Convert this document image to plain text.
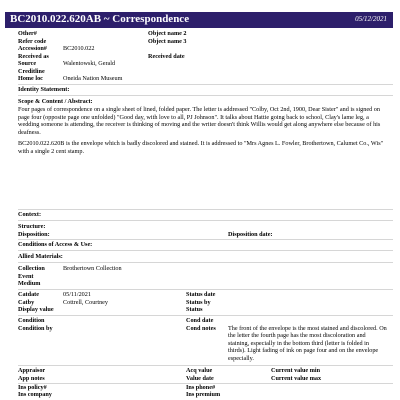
BC2010.022.620AB ~ Correspondence	05/12/2021
Other#	Object name 2
Refer code	Object name 3
Accession#	BC2010.022
Received as	Received date
Source	Walentowski, Gerald
Creditline
Home loc	Oneida Nation Museum
Identity Statement:
Scope & Content / Abstract:
Four pages of correspondence on a single sheet of lined, folded paper. The letter is addressed "Colby, Oct 2nd, 1900, Dear Sister" and is signed on page four (opposite page one unfolded) "Good day, with love to all, PJ Johnson". It talks about Hattie going back to school, Clay's lame leg, a wedding someone is attending, the receiver is thinking of moving and the writer doesn't think Willis would get along anywhere else because of his deafness.
BC2010.022.620B is the envelope which is badly discolored and stained. It is addressed to "Mrs Agnes L. Fowler, Brothertown, Calumet Co., Wis" with a single 2 cent stamp.
Context:
Structure:
Disposition:	Disposition date:
Conditions of Access & Use:
Allied Materials:
Collection	Brothertown Collection
Event
Medium
Catdate	05/11/2021	Status date
Catby	Cottrell, Courtney	Status by
Display value	Status
Condition	Cond date
Condition by	Cond notes The front of the envelope is the most stained and discolored. On the letter the fourth page has the most discoloration and staining, especially in the bottom third (letter is folded in thirds). Light fading of ink on page four and on the envelope especially.
Appraisor	Acq value	Current value min
App notes	Value date	Current value max
Ins policy#	Ins phone#
Ins company	Ins premium
